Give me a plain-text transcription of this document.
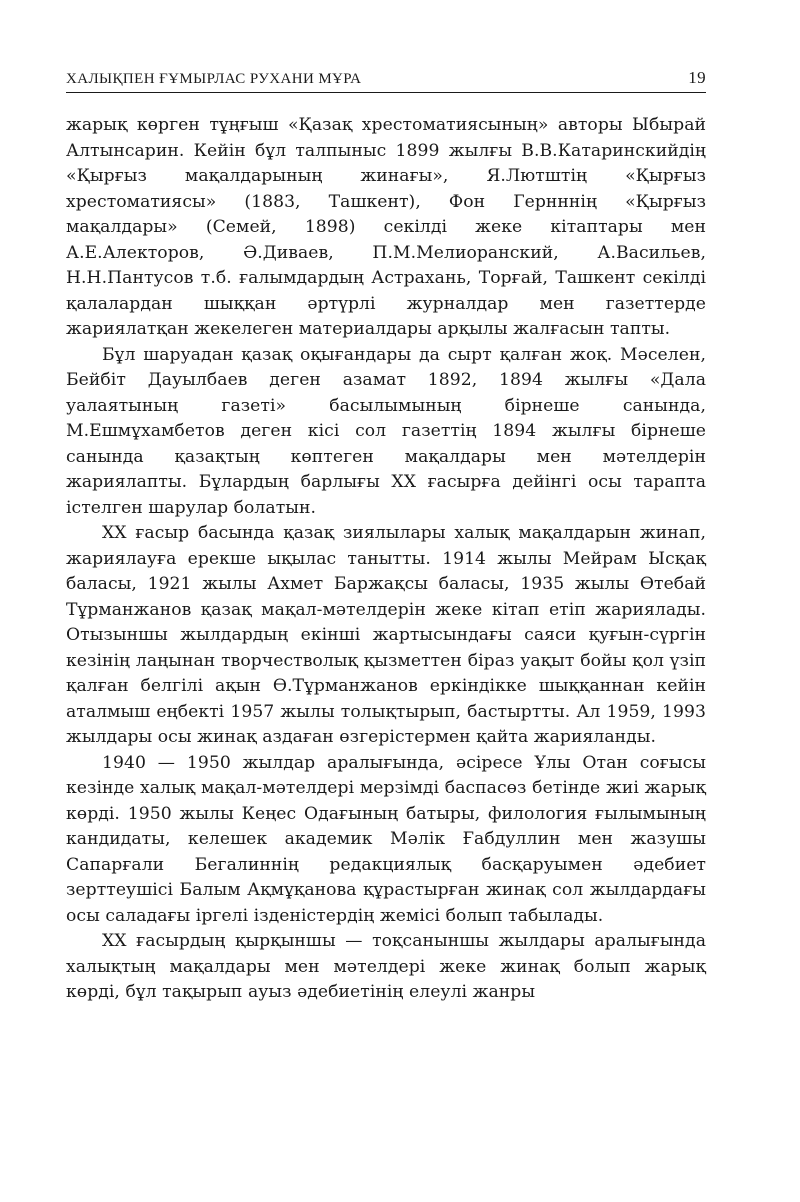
ХАЛЫҚПЕН ҒҰМЫРЛАС РУХАНИ МҰРА	19

жарық көрген тұңғыш «Қазақ хрестоматиясының» авторы Ыбырай Алтынсарин. Кейін бұл талпыныс 1899 жылғы В.В.Катаринскийдің «Қырғыз мақалдарының жинағы», Я.Лютштің «Қырғыз хрестоматиясы» (1883, Ташкент), Фон Гернннің «Қырғыз мақалдары» (Семей, 1898) секілді жеке кітаптары мен А.Е.Алекторов, Ә.Диваев, П.М.Мелиоранский, А.Васильев, Н.Н.Пантусов т.б. ғалымдардың Астрахань, Торғай, Ташкент секілді қалалардан шыққан әртүрлі журналдар мен газеттерде жариялатқан жекелеген материалдары арқылы жалғасын тапты.

Бұл шаруадан қазақ оқығандары да сырт қалған жоқ. Мәселен, Бейбіт Дауылбаев деген азамат 1892, 1894 жылғы «Дала уалаятының газеті» басылымының бірнеше санында, М.Ешмұхамбетов деген кісі сол газеттің 1894 жылғы бірнеше санында қазақтың көптеген мақалдары мен мәтелдерін жариялапты. Бұлардың барлығы XX ғасырға дейінгі осы тарапта істелген шарулар болатын.

XX ғасыр басында қазақ зиялылары халық мақалдарын жинап, жариялауға ерекше ықылас танытты. 1914 жылы Мейрам Ысқақ баласы, 1921 жылы Ахмет Баржақсы баласы, 1935 жылы Өтебай Тұрманжанов қазақ мақал-мәтелдерін жеке кітап етіп жариялады. Отызыншы жылдардың екінші жартысындағы саяси қуғын-сүргін кезінің лаңынан творчестволық қызметтен біраз уақыт бойы қол үзіп қалған белгілі ақын Ө.Тұрманжанов еркіндікке шыққаннан кейін аталмыш еңбекті 1957 жылы толықтырып, бастыртты. Ал 1959, 1993 жылдары осы жинақ аздаған өзгерістермен қайта жарияланды.

1940 — 1950 жылдар аралығында, әсіресе Ұлы Отан соғысы кезінде халық мақал-мәтелдері мерзімді баспасөз бетінде жиі жарық көрді. 1950 жылы Кеңес Одағының батыры, филология ғылымының кандидаты, келешек академик Мәлік Ғабдуллин мен жазушы Сапарғали Бегалиннің редакциялық басқаруымен әдебиет зерттеушісі Балым Ақмұқанова құрастырған жинақ сол жылдардағы осы саладағы іргелі ізденістердің жемісі болып табылады.

XX ғасырдың қырқыншы — тоқсаныншы жылдары аралығында халықтың мақалдары мен мәтелдері жеке жинақ болып жарық көрді, бұл тақырып ауыз әдебиетінің елеулі жанры
